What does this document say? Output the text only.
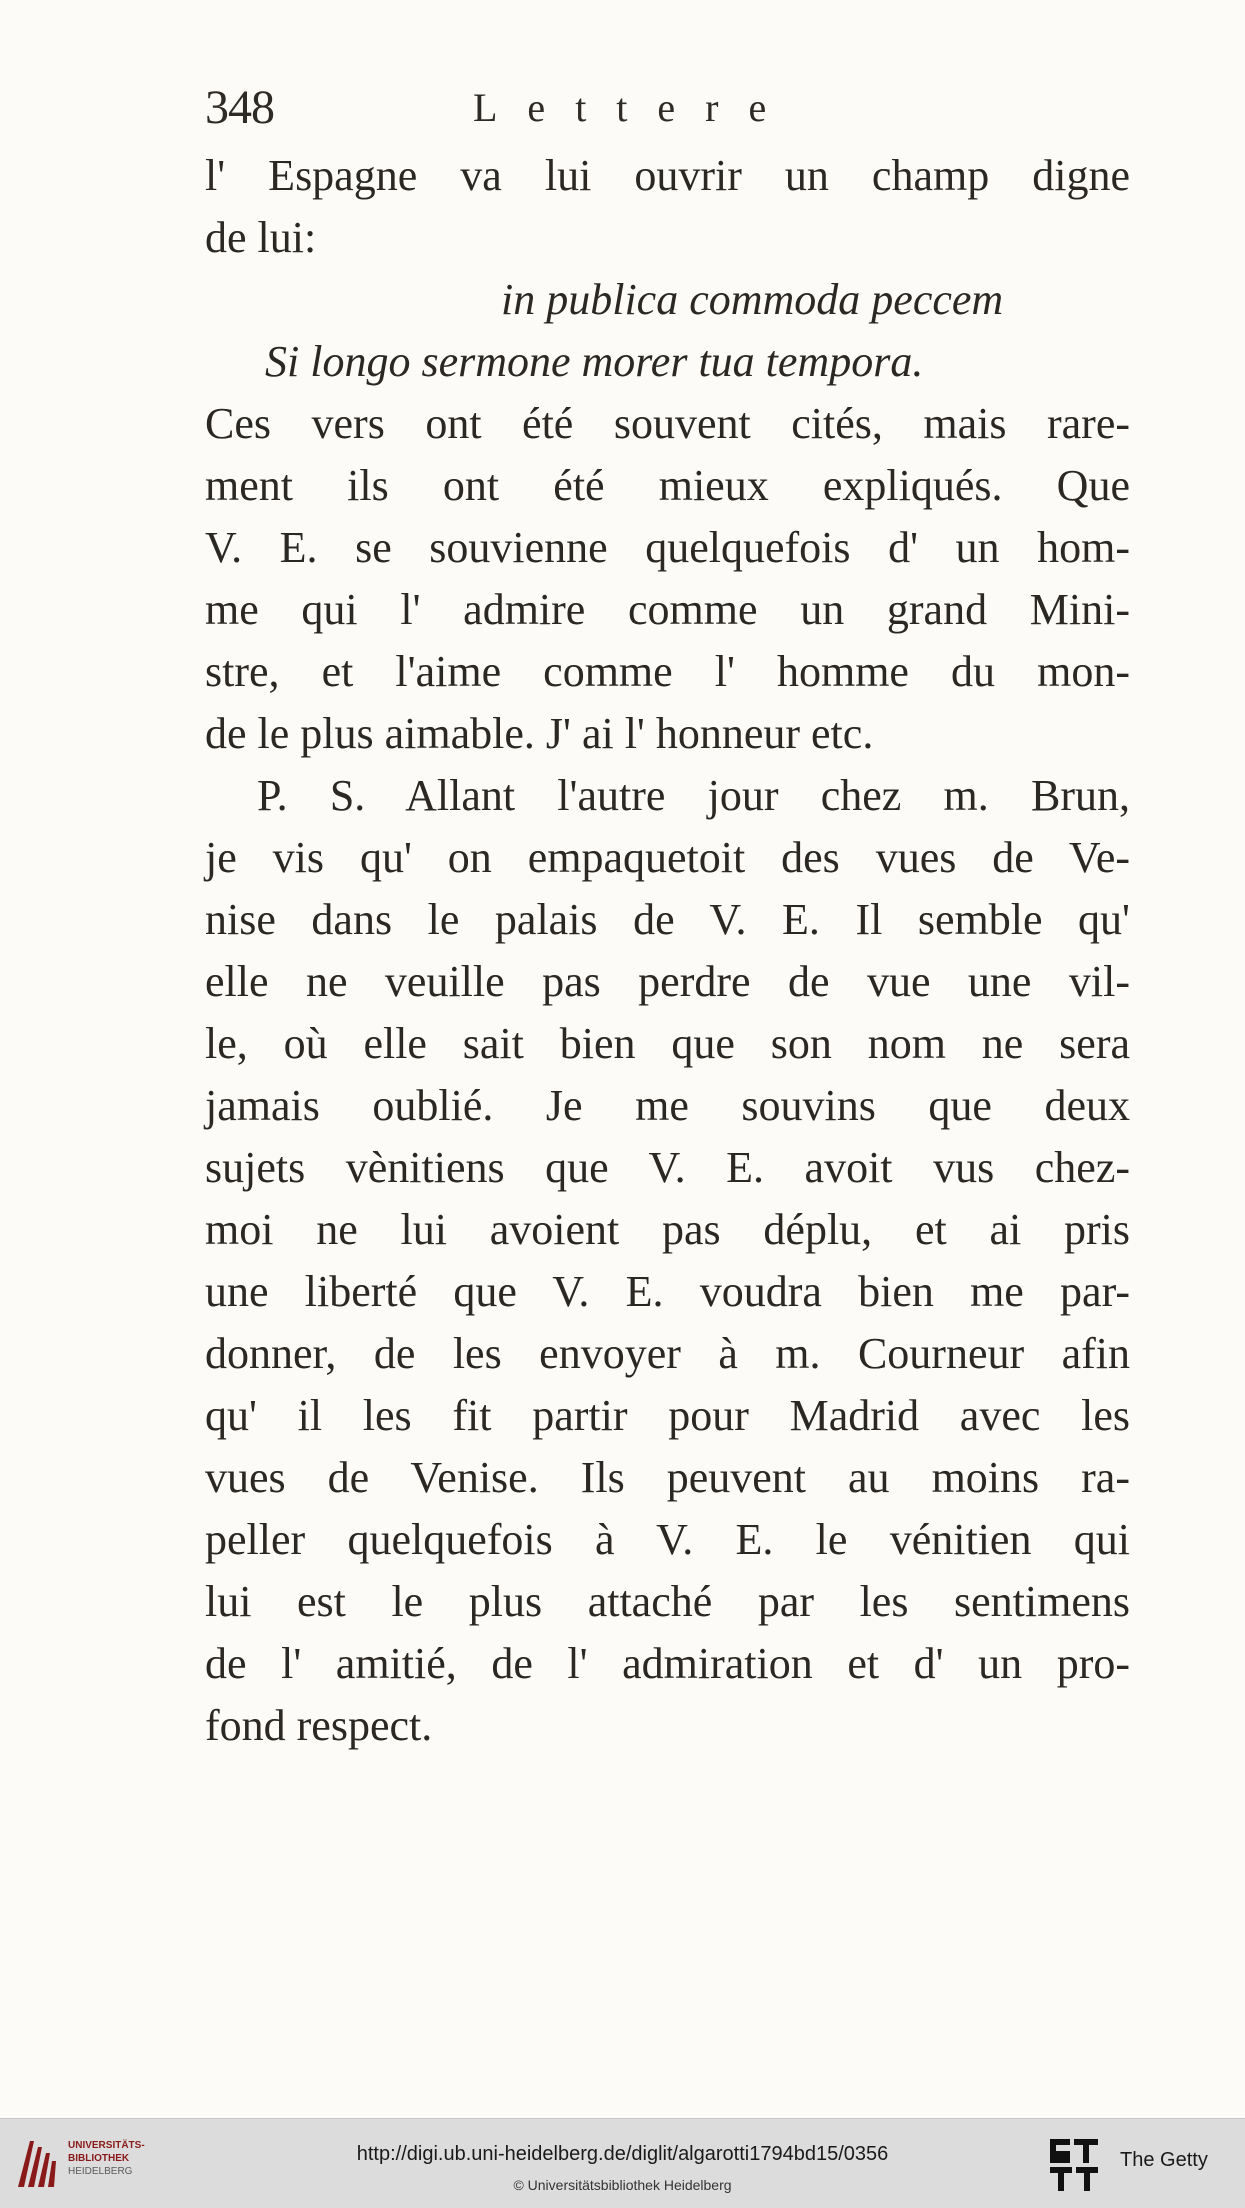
348	Lettere
l' Espagne va lui ouvrir un champ digne
de lui:
in publica commoda peccem
Si longo sermone morer tua tempora.
Ces vers ont été souvent cités, mais rare-
ment ils ont été mieux expliqués. Que
V. E. se souvienne quelquefois d' un hom-
me qui l' admire comme un grand Mini-
stre, et l'aime comme l' homme du mon-
de le plus aimable. J' ai l' honneur etc.
P. S. Allant l'autre jour chez m. Brun,
je vis qu' on empaquetoit des vues de Ve-
nise dans le palais de V. E. Il semble qu'
elle ne veuille pas perdre de vue une vil-
le, où elle sait bien que son nom ne sera
jamais oublié. Je me souvins que deux
sujets vènitiens que V. E. avoit vus chez-
moi ne lui avoient pas déplu, et ai pris
une liberté que V. E. voudra bien me par-
donner, de les envoyer à m. Courneur afin
qu' il les fit partir pour Madrid avec les
vues de Venise. Ils peuvent au moins ra-
peller quelquefois à V. E. le vénitien qui
lui est le plus attaché par les sentimens
de l' amitié, de l' admiration et d' un pro-
fond respect.
UNIVERSITÄTS-
BIBLIOTHEK
HEIDELBERG
http://digi.ub.uni-heidelberg.de/diglit/algarotti1794bd15/0356
© Universitätsbibliothek Heidelberg
The Getty
